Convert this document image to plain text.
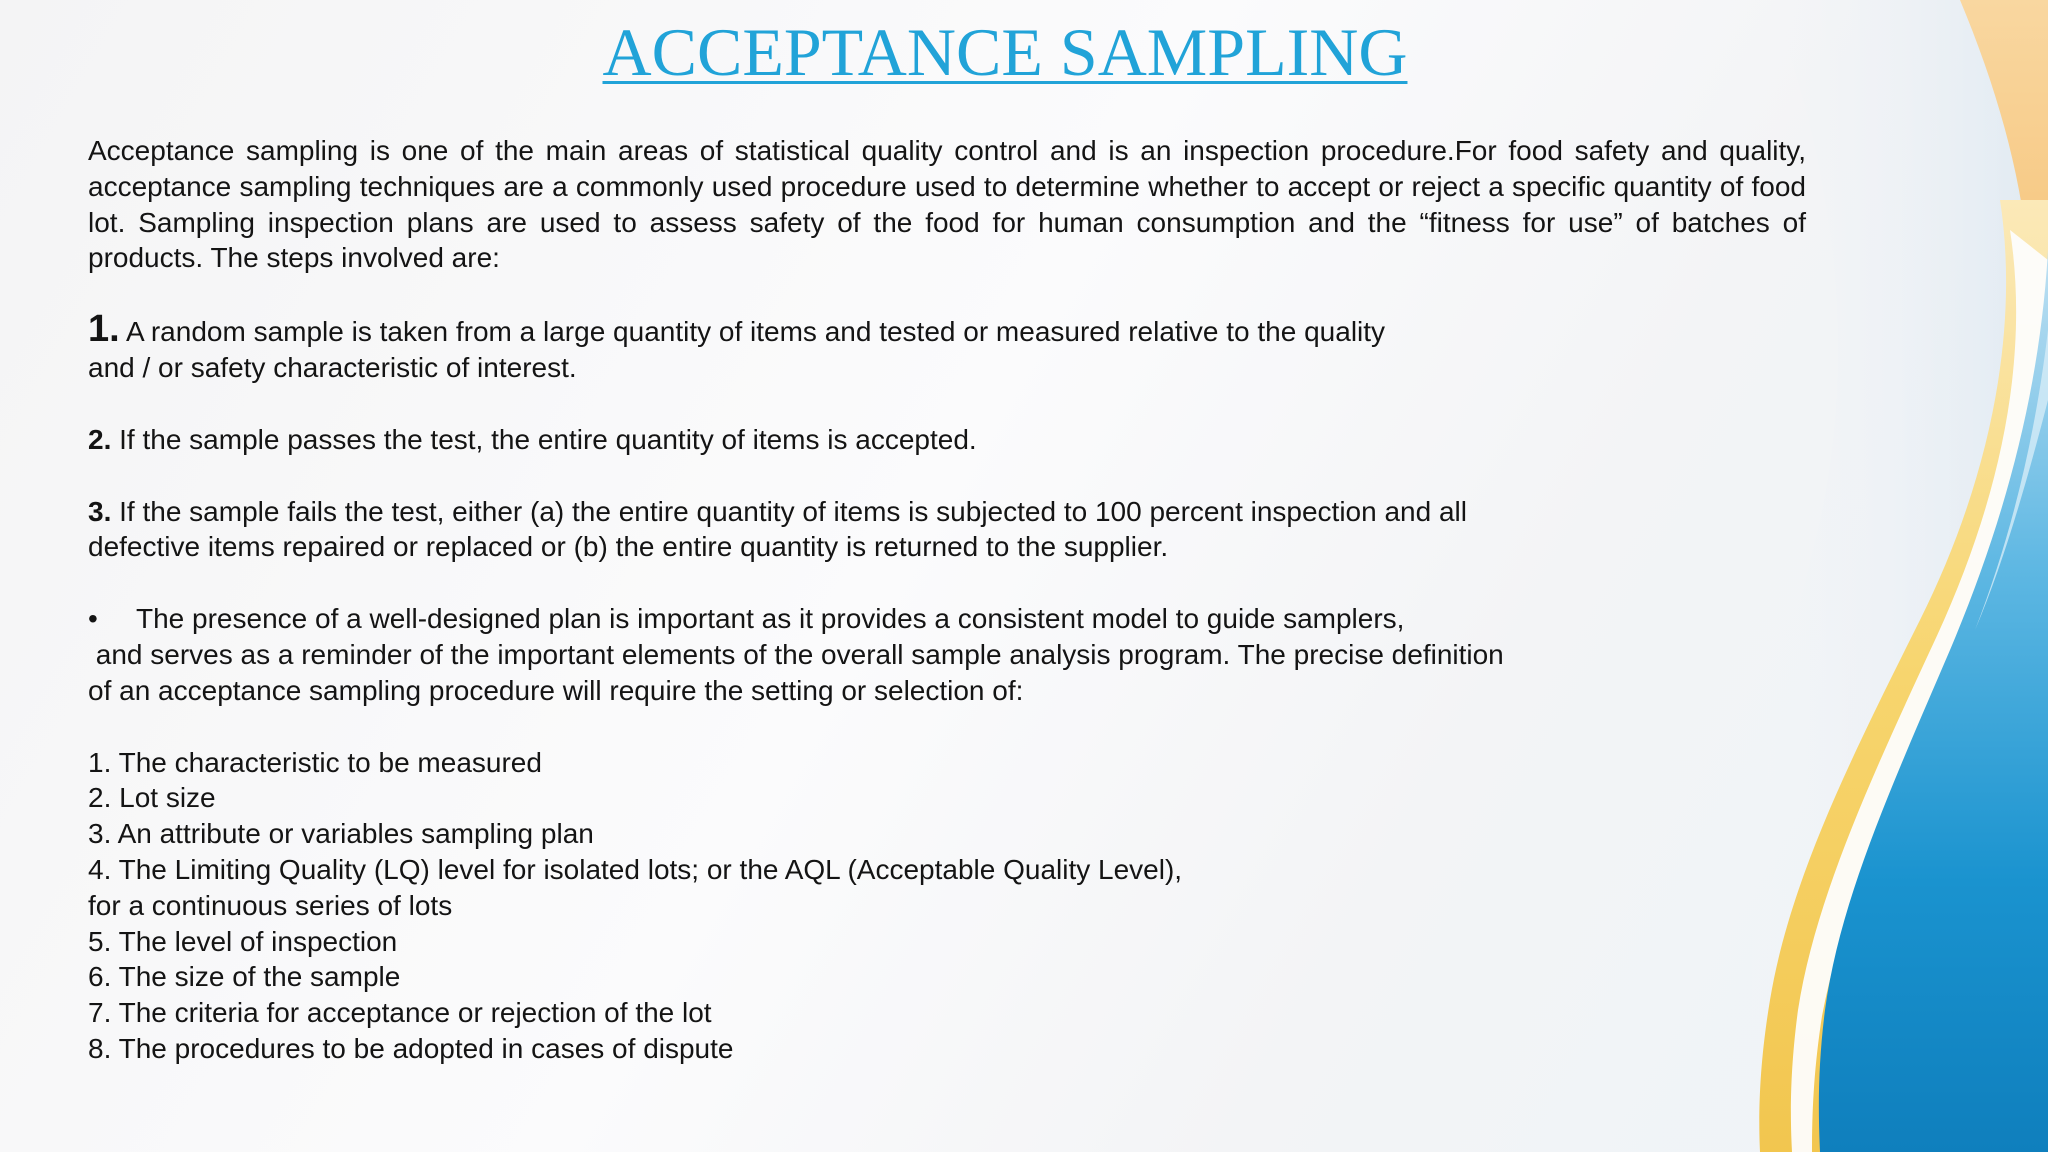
ACCEPTANCE SAMPLING

Acceptance sampling is one of the main areas of statistical quality control and is an inspection procedure.For food safety and quality, acceptance sampling techniques are a commonly used procedure used to determine whether to accept or reject a specific quantity of food lot. Sampling inspection plans are used to assess safety of the food for human consumption and the “fitness for use” of batches of products. The steps involved are:

1. A random sample is taken from a large quantity of items and tested or measured relative to the quality
and / or safety characteristic of interest.
2. If the sample passes the test, the entire quantity of items is accepted.
3. If the sample fails the test, either (a) the entire quantity of items is subjected to 100 percent inspection and all
defective items repaired or replaced or (b) the entire quantity is returned to the supplier.
• The presence of a well-designed plan is important as it provides a consistent model to guide samplers,
and serves as a reminder of the important elements of the overall sample analysis program. The precise definition
of an acceptance sampling procedure will require the setting or selection of:
1. The characteristic to be measured
2. Lot size
3. An attribute or variables sampling plan
4. The Limiting Quality (LQ) level for isolated lots; or the AQL (Acceptable Quality Level),
for a continuous series of lots
5. The level of inspection
6. The size of the sample
7. The criteria for acceptance or rejection of the lot
8. The procedures to be adopted in cases of dispute
